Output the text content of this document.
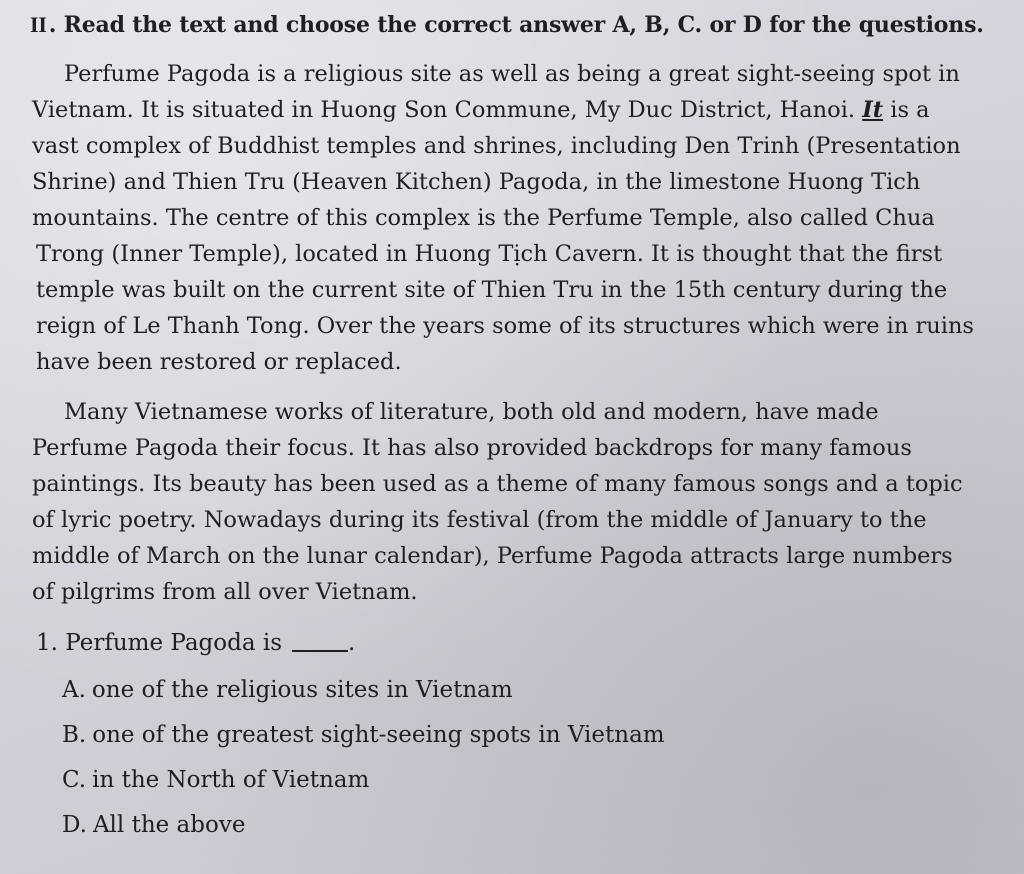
II. Read the text and choose the correct answer A, B, C. or D for the questions.

Perfume Pagoda is a religious site as well as being a great sight-seeing spot in
Vietnam. It is situated in Huong Son Commune, My Duc District, Hanoi. It is a
vast complex of Buddhist temples and shrines, including Den Trinh (Presentation
Shrine) and Thien Tru (Heaven Kitchen) Pagoda, in the limestone Huong Tich
mountains. The centre of this complex is the Perfume Temple, also called Chua
Trong (Inner Temple), located in Huong Tịch Cavern. It is thought that the first
temple was built on the current site of Thien Tru in the 15th century during the
reign of Le Thanh Tong. Over the years some of its structures which were in ruins
have been restored or replaced.

Many Vietnamese works of literature, both old and modern, have made
Perfume Pagoda their focus. It has also provided backdrops for many famous
paintings. Its beauty has been used as a theme of many famous songs and a topic
of lyric poetry. Nowadays during its festival (from the middle of January to the
middle of March on the lunar calendar), Perfume Pagoda attracts large numbers
of pilgrims from all over Vietnam.

1. Perfume Pagoda is	.
A. one of the religious sites in Vietnam
B. one of the greatest sight-seeing spots in Vietnam
C. in the North of Vietnam
D. All the above
